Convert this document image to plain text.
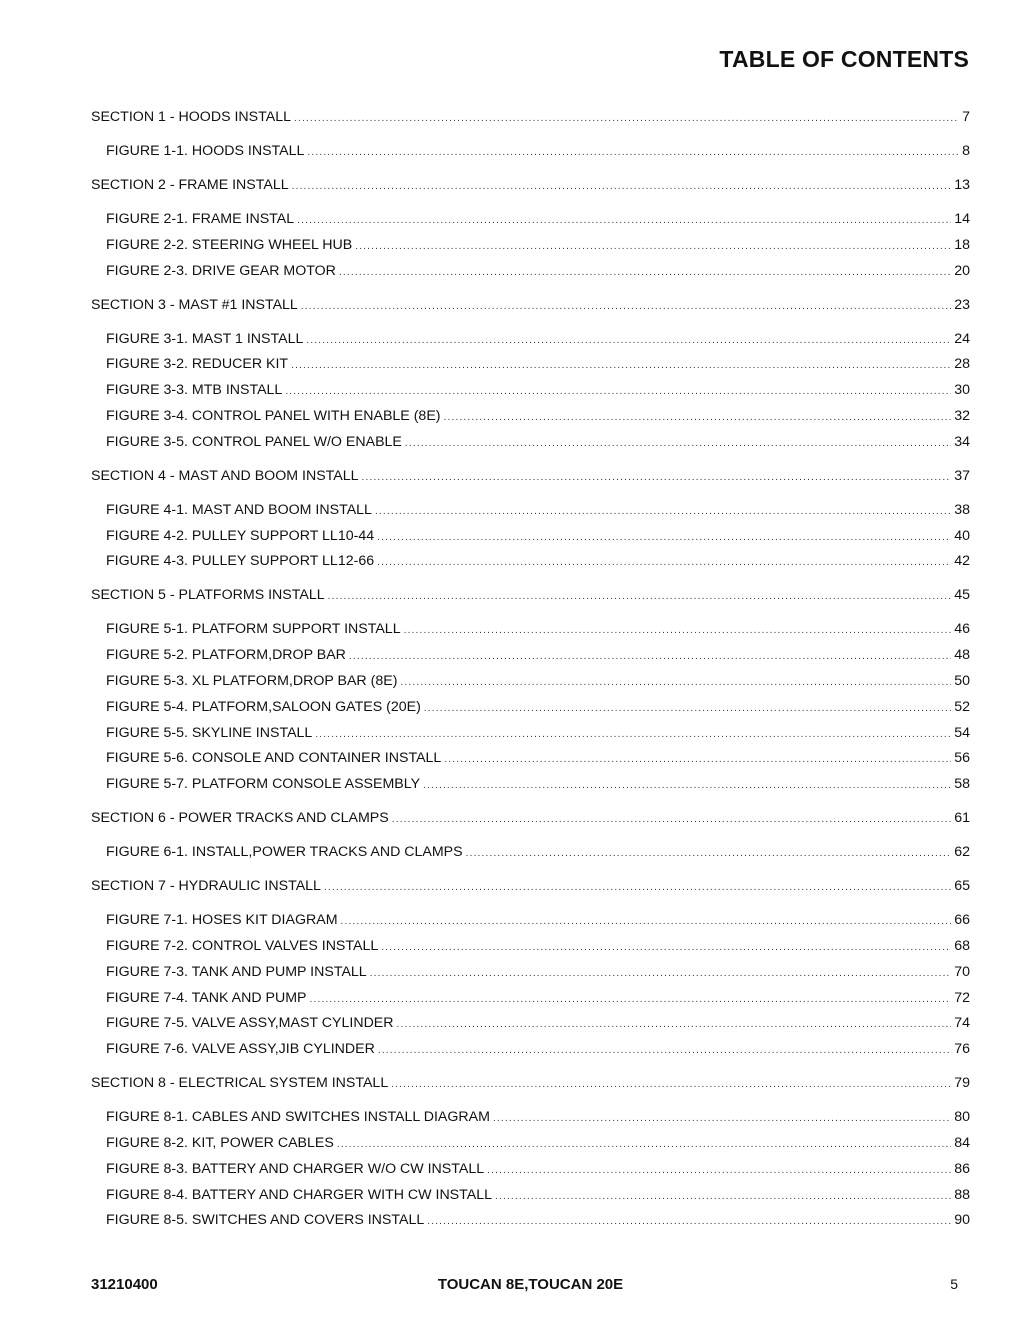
TABLE OF CONTENTS
SECTION 1 - HOODS INSTALL .....	7
FIGURE 1-1. HOODS INSTALL .....	8
SECTION 2 - FRAME INSTALL .....	13
FIGURE 2-1. FRAME INSTAL .....	14
FIGURE 2-2. STEERING WHEEL HUB .....	18
FIGURE 2-3. DRIVE GEAR MOTOR .....	20
SECTION 3 - MAST #1 INSTALL .....	23
FIGURE 3-1. MAST 1 INSTALL .....	24
FIGURE 3-2. REDUCER KIT .....	28
FIGURE 3-3. MTB INSTALL .....	30
FIGURE 3-4. CONTROL PANEL WITH ENABLE (8E) .....	32
FIGURE 3-5. CONTROL PANEL W/O ENABLE .....	34
SECTION 4 - MAST AND BOOM INSTALL .....	37
FIGURE 4-1. MAST AND BOOM INSTALL .....	38
FIGURE 4-2. PULLEY SUPPORT LL10-44 .....	40
FIGURE 4-3. PULLEY SUPPORT LL12-66 .....	42
SECTION 5 - PLATFORMS INSTALL .....	45
FIGURE 5-1. PLATFORM SUPPORT INSTALL .....	46
FIGURE 5-2. PLATFORM,DROP BAR .....	48
FIGURE 5-3. XL PLATFORM,DROP BAR (8E) .....	50
FIGURE 5-4. PLATFORM,SALOON GATES (20E) .....	52
FIGURE 5-5. SKYLINE INSTALL .....	54
FIGURE 5-6. CONSOLE AND CONTAINER INSTALL .....	56
FIGURE 5-7. PLATFORM CONSOLE ASSEMBLY .....	58
SECTION 6 - POWER TRACKS AND CLAMPS .....	61
FIGURE 6-1. INSTALL,POWER TRACKS AND CLAMPS .....	62
SECTION 7 - HYDRAULIC INSTALL .....	65
FIGURE 7-1. HOSES KIT DIAGRAM .....	66
FIGURE 7-2. CONTROL VALVES INSTALL .....	68
FIGURE 7-3. TANK AND PUMP INSTALL .....	70
FIGURE 7-4. TANK AND PUMP .....	72
FIGURE 7-5. VALVE ASSY,MAST CYLINDER .....	74
FIGURE 7-6. VALVE ASSY,JIB CYLINDER .....	76
SECTION 8 - ELECTRICAL SYSTEM INSTALL .....	79
FIGURE 8-1. CABLES AND SWITCHES INSTALL DIAGRAM .....	80
FIGURE 8-2. KIT, POWER CABLES .....	84
FIGURE 8-3. BATTERY AND CHARGER W/O CW INSTALL .....	86
FIGURE 8-4. BATTERY AND CHARGER WITH CW INSTALL .....	88
FIGURE 8-5. SWITCHES AND COVERS INSTALL .....	90
31210400	TOUCAN 8E,TOUCAN 20E	5
